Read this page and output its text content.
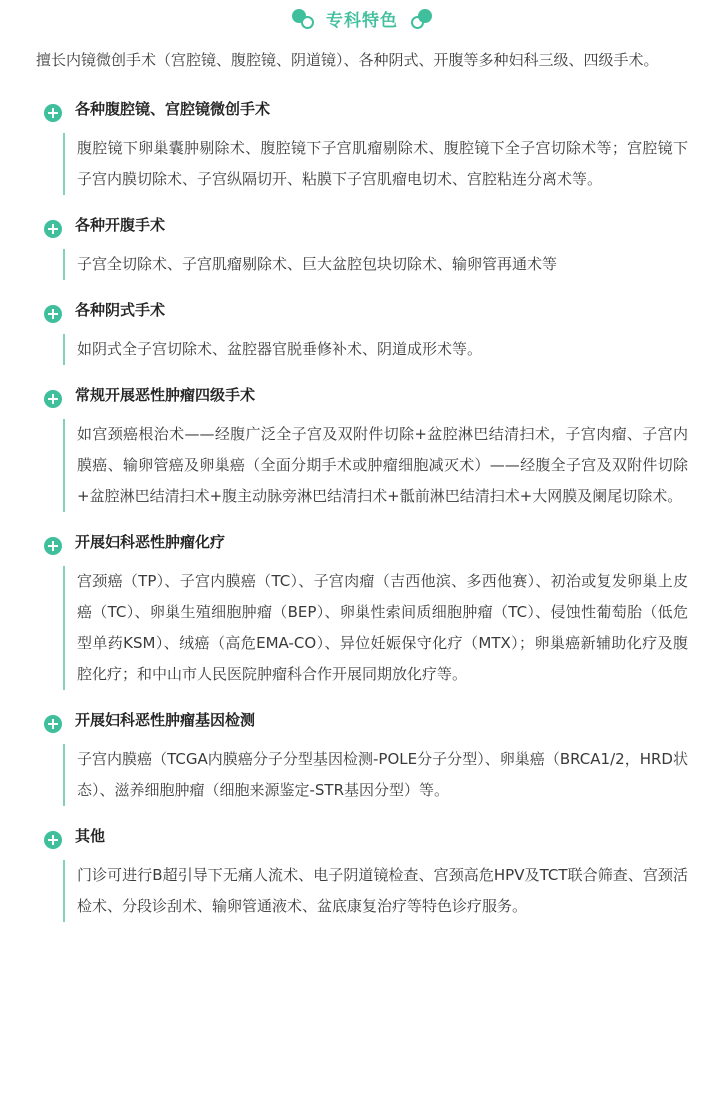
专科特色
擅长内镜微创手术（宫腔镜、腹腔镜、阴道镜）、各种阴式、开腹等多种妇科三级、四级手术。
各种腹腔镜、宫腔镜微创手术
腹腔镜下卵巢囊肿剔除术、腹腔镜下子宫肌瘤剔除术、腹腔镜下全子宫切除术等；宫腔镜下子宫内膜切除术、子宫纵隔切开、粘膜下子宫肌瘤电切术、宫腔粘连分离术等。
各种开腹手术
子宫全切除术、子宫肌瘤剔除术、巨大盆腔包块切除术、输卵管再通术等
各种阴式手术
如阴式全子宫切除术、盆腔器官脱垂修补术、阴道成形术等。
常规开展恶性肿瘤四级手术
如宫颈癌根治术——经腹广泛全子宫及双附件切除+盆腔淋巴结清扫术，子宫肉瘤、子宫内膜癌、输卵管癌及卵巢癌（全面分期手术或肿瘤细胞减灭术）——经腹全子宫及双附件切除+盆腔淋巴结清扫术+腹主动脉旁淋巴结清扫术+骶前淋巴结清扫术+大网膜及阑尾切除术。
开展妇科恶性肿瘤化疗
宫颈癌（TP）、子宫内膜癌（TC）、子宫肉瘤（吉西他滨、多西他赛）、初治或复发卵巢上皮癌（TC）、卵巢生殖细胞肿瘤（BEP）、卵巢性索间质细胞肿瘤（TC）、侵蚀性葡萄胎（低危型单药KSM）、绒癌（高危EMA-CO）、异位妊娠保守化疗（MTX）；卵巢癌新辅助化疗及腹腔化疗；和中山市人民医院肿瘤科合作开展同期放化疗等。
开展妇科恶性肿瘤基因检测
子宫内膜癌（TCGA内膜癌分子分型基因检测-POLE分子分型）、卵巢癌（BRCA1/2，HRD状态）、滋养细胞肿瘤（细胞来源鉴定-STR基因分型）等。
其他
门诊可进行B超引导下无痛人流术、电子阴道镜检查、宫颈高危HPV及TCT联合筛查、宫颈活检术、分段诊刮术、输卵管通液术、盆底康复治疗等特色诊疗服务。
